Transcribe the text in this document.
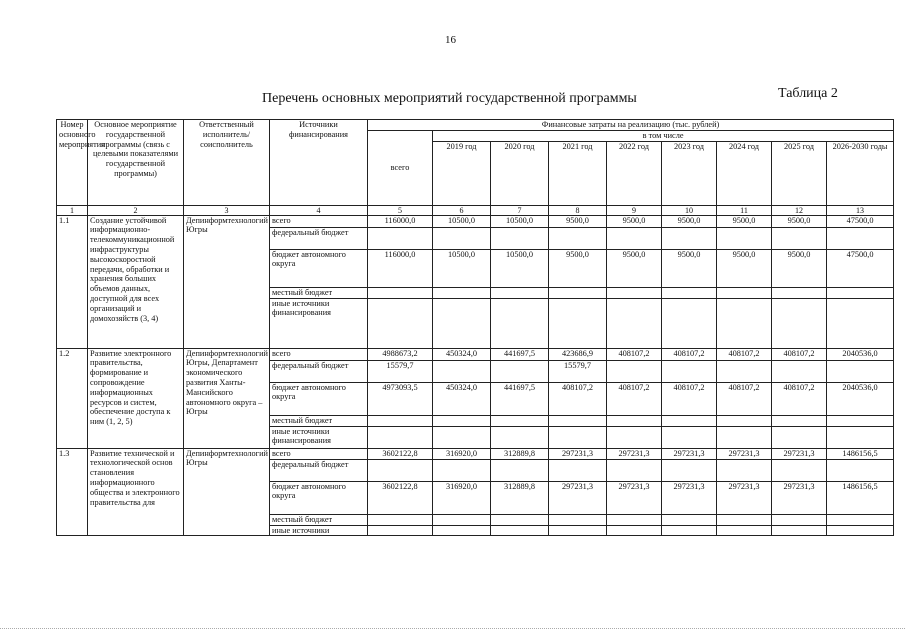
16
Таблица 2
Перечень основных мероприятий государственной программы
Номер основного мероприятия	Основное мероприятие государственной программы (связь с целевыми показателями государственной программы)	Ответственный исполнитель/ соисполнитель	Источники финансирования	Финансовые затраты на реализацию (тыс. рублей)								
				всего	в том числе							
					2019 год	2020 год	2021 год	2022 год	2023 год	2024 год	2025 год	2026-2030 годы
1	2	3	4	5	6	7	8	9	10	11	12	13
1.1	Создание устойчивой информационно-телекоммуникационной инфраструктуры высокоскоростной передачи, обработки и хранения больших объемов данных, доступной для всех организаций и домохозяйств (3, 4)	Депинформтехнологий Югры	всего	116000,0	10500,0	10500,0	9500,0	9500,0	9500,0	9500,0	9500,0	47500,0
			федеральный бюджет									
			бюджет автономного округа	116000,0	10500,0	10500,0	9500,0	9500,0	9500,0	9500,0	9500,0	47500,0
			местный бюджет									
			иные источники финансирования									
1.2	Развитие электронного правительства, формирование и сопровождение информационных ресурсов и систем, обеспечение доступа к ним (1, 2, 5)	Депинформтехнологий Югры, Департамент экономического развития Ханты-Мансийского автономного округа – Югры	всего	4988673,2	450324,0	441697,5	423686,9	408107,2	408107,2	408107,2	408107,2	2040536,0
			федеральный бюджет	15579,7			15579,7					
			бюджет автономного округа	4973093,5	450324,0	441697,5	408107,2	408107,2	408107,2	408107,2	408107,2	2040536,0
			местный бюджет									
			иные источники финансирования									
1.3	Развитие технической и технологической основ становления информационного общества и электронного правительства для	Депинформтехнологий Югры	всего	3602122,8	316920,0	312889,8	297231,3	297231,3	297231,3	297231,3	297231,3	1486156,5
			федеральный бюджет									
			бюджет автономного округа	3602122,8	316920,0	312889,8	297231,3	297231,3	297231,3	297231,3	297231,3	1486156,5
			местный бюджет									
			иные источники									
